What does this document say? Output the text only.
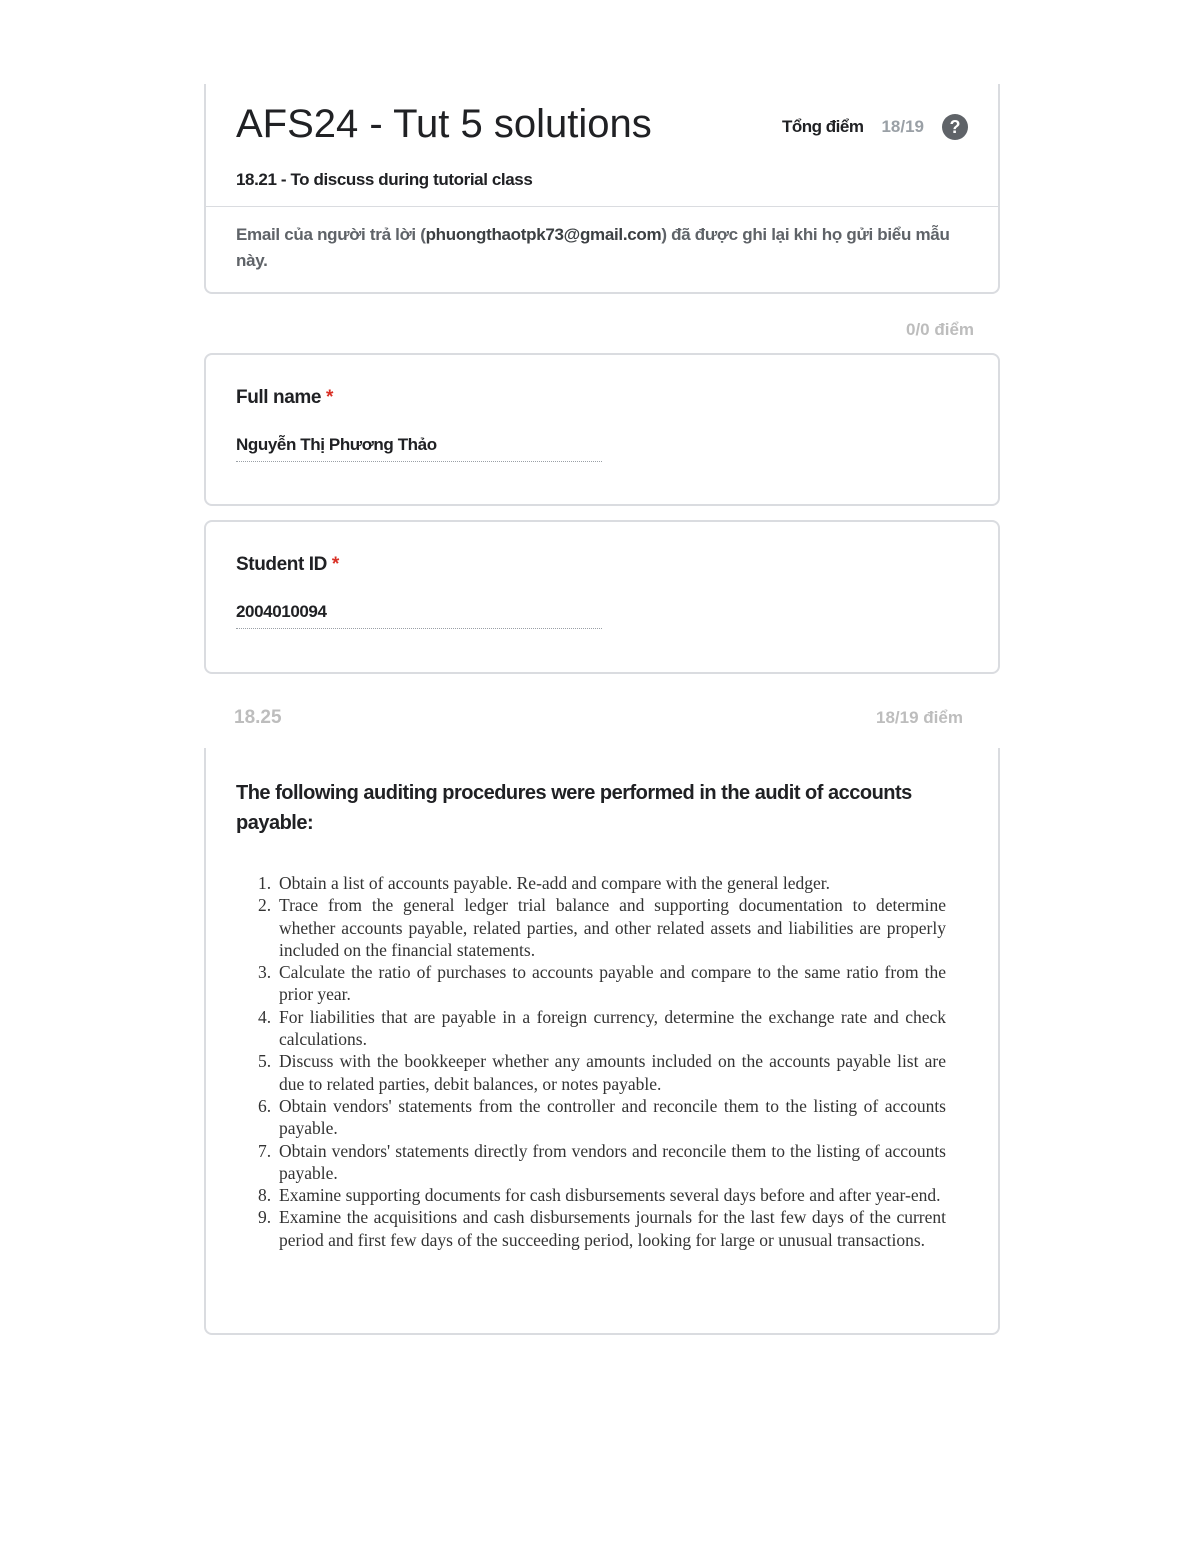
AFS24 - Tut 5 solutions	Tổng điểm 18/19	?
18.21 - To discuss during tutorial class
Email của người trả lời (phuongthaotpk73@gmail.com) đã được ghi lại khi họ gửi biểu mẫu này.
0/0 điểm
Full name *
Nguyễn Thị Phương Thảo
Student ID *
2004010094
18.25	18/19 điểm
The following auditing procedures were performed in the audit of accounts payable:
1. Obtain a list of accounts payable. Re-add and compare with the general ledger.
2. Trace from the general ledger trial balance and supporting documentation to determine whether accounts payable, related parties, and other related assets and liabilities are properly included on the financial statements.
3. Calculate the ratio of purchases to accounts payable and compare to the same ratio from the prior year.
4. For liabilities that are payable in a foreign currency, determine the exchange rate and check calculations.
5. Discuss with the bookkeeper whether any amounts included on the accounts payable list are due to related parties, debit balances, or notes payable.
6. Obtain vendors' statements from the controller and reconcile them to the listing of accounts payable.
7. Obtain vendors' statements directly from vendors and reconcile them to the listing of accounts payable.
8. Examine supporting documents for cash disbursements several days before and after year-end.
9. Examine the acquisitions and cash disbursements journals for the last few days of the current period and first few days of the succeeding period, looking for large or unusual transactions.
